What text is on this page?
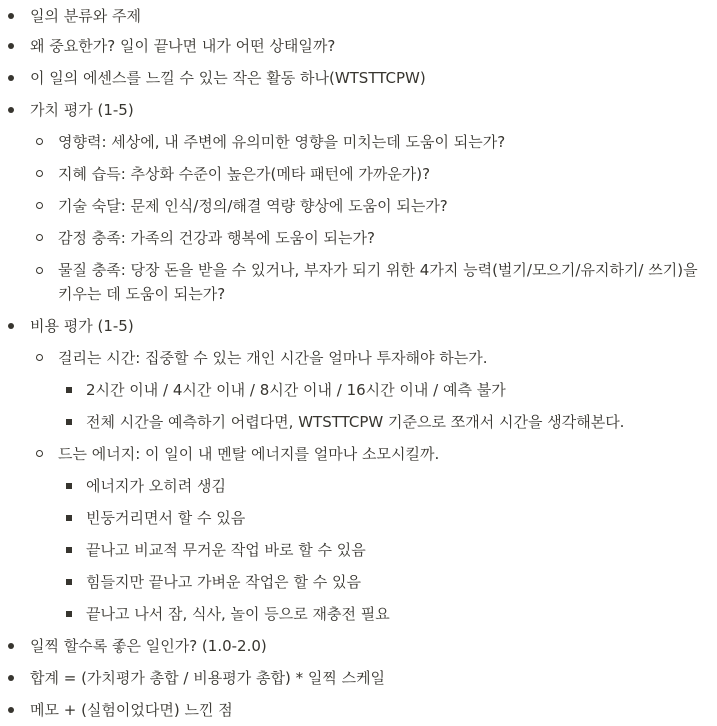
일의 분류와 주제
왜 중요한가? 일이 끝나면 내가 어떤 상태일까?
이 일의 에센스를 느낄 수 있는 작은 활동 하나(WTSTTCPW)
가치 평가 (1-5)
영향력: 세상에, 내 주변에 유의미한 영향을 미치는데 도움이 되는가?
지혜 습득: 추상화 수준이 높은가(메타 패턴에 가까운가)?
기술 숙달: 문제 인식/정의/해결 역량 향상에 도움이 되는가?
감정 충족: 가족의 건강과 행복에 도움이 되는가?
물질 충족: 당장 돈을 받을 수 있거나, 부자가 되기 위한 4가지 능력(벌기/모으기/유지하기/ 쓰기)을 키우는 데 도움이 되는가?
비용 평가 (1-5)
걸리는 시간: 집중할 수 있는 개인 시간을 얼마나 투자해야 하는가.
2시간 이내 / 4시간 이내 / 8시간 이내 / 16시간 이내 / 예측 불가
전체 시간을 예측하기 어렵다면, WTSTTCPW 기준으로 쪼개서 시간을 생각해본다.
드는 에너지: 이 일이 내 멘탈 에너지를 얼마나 소모시킬까.
에너지가 오히려 생김
빈둥거리면서 할 수 있음
끝나고 비교적 무거운 작업 바로 할 수 있음
힘들지만 끝나고 가벼운 작업은 할 수 있음
끝나고 나서 잠, 식사, 놀이 등으로 재충전 필요
일찍 할수록 좋은 일인가? (1.0-2.0)
합계 = (가치평가 총합 / 비용평가 총합) * 일찍 스케일
메모 + (실험이었다면) 느낀 점
